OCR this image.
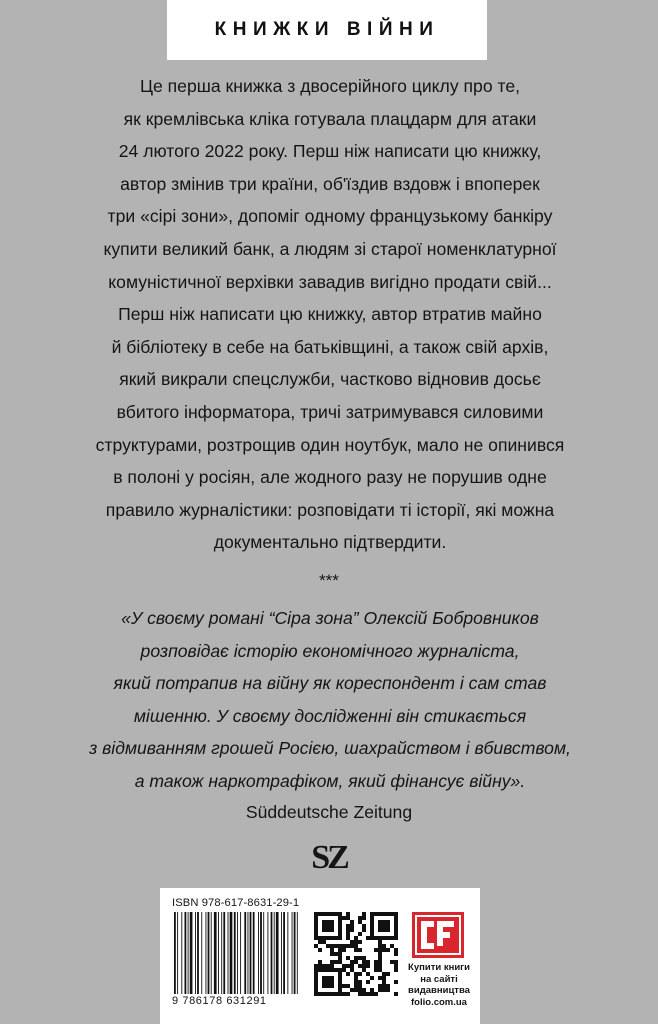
КНИЖКИ ВІЙНИ
Це перша книжка з двосерійного циклу про те,
як кремлівська кліка готувала плацдарм для атаки
24 лютого 2022 року. Перш ніж написати цю книжку,
автор змінив три країни, об'їздив вздовж і впоперек
три «сірі зони», допоміг одному французькому банкіру
купити великий банк, а людям зі старої номенклатурної
комуністичної верхівки завадив вигідно продати свій...
Перш ніж написати цю книжку, автор втратив майно
й бібліотеку в себе на батьківщині, а також свій архів,
який викрали спецслужби, частково відновив досьє
вбитого інформатора, тричі затримувався силовими
структурами, розтрощив один ноутбук, мало не опинився
в полоні у росіян, але жодного разу не порушив одне
правило журналістики: розповідати ті історії, які можна
документально підтвердити.
***
«У своєму романі “Сіра зона” Олексій Бобровников
розповідає історію економічного журналіста,
який потрапив на війну як кореспондент і сам став
мішенню. У своєму дослідженні він стикається
з відмиванням грошей Росією, шахрайством і вбивством,
а також наркотрафіком, який фінансує війну».
Süddeutsche Zeitung
SZ
ISBN 978-617-8631-29-1
9 786178 631291
Купити книги
на сайті
видавництва
folio.com.ua
